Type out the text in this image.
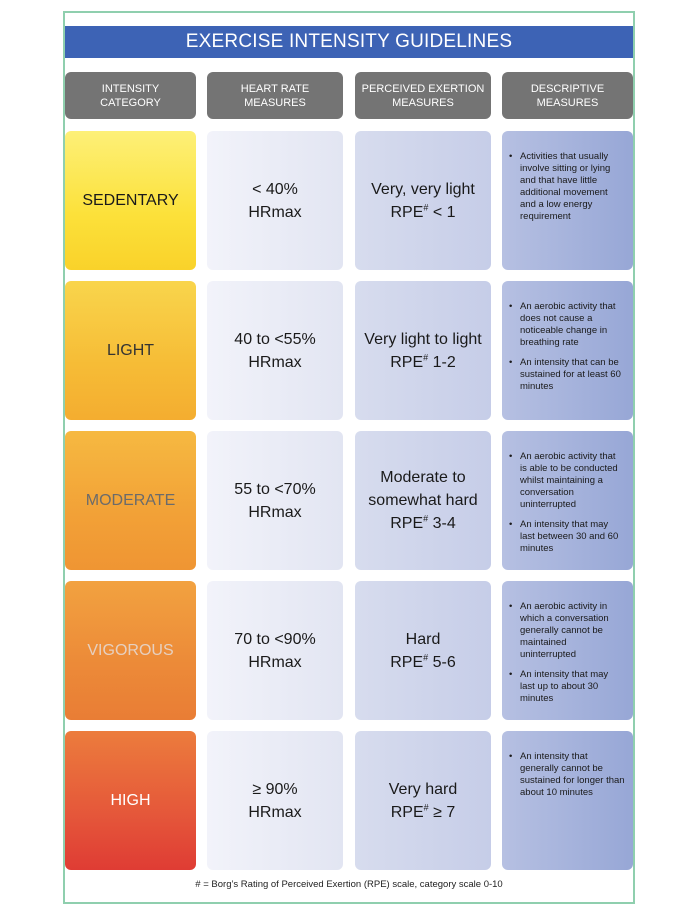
EXERCISE INTENSITY GUIDELINES
INTENSITY
CATEGORY
HEART RATE
MEASURES
PERCEIVED EXERTION
MEASURES
DESCRIPTIVE
MEASURES
SEDENTARY
< 40%
HRmax
Very, very light
RPE# < 1
• Activities that usually involve sitting or lying and that have little additional movement and a low energy requirement
LIGHT
40 to <55%
HRmax
Very light to light
RPE# 1-2
• An aerobic activity that does not cause a noticeable change in breathing rate
• An intensity that can be sustained for at least 60 minutes
MODERATE
55 to <70%
HRmax
Moderate to
somewhat hard
RPE# 3-4
• An aerobic activity that is able to be conducted whilst maintaining a conversation uninterrupted
• An intensity that may last between 30 and 60 minutes
VIGOROUS
70 to <90%
HRmax
Hard
RPE# 5-6
• An aerobic activity in which a conversation generally cannot be maintained uninterrupted
• An intensity that may last up to about 30 minutes
HIGH
≥ 90%
HRmax
Very hard
RPE# ≥ 7
• An intensity that generally cannot be sustained for longer than about 10 minutes
# = Borg’s Rating of Perceived Exertion (RPE) scale, category scale 0-10
